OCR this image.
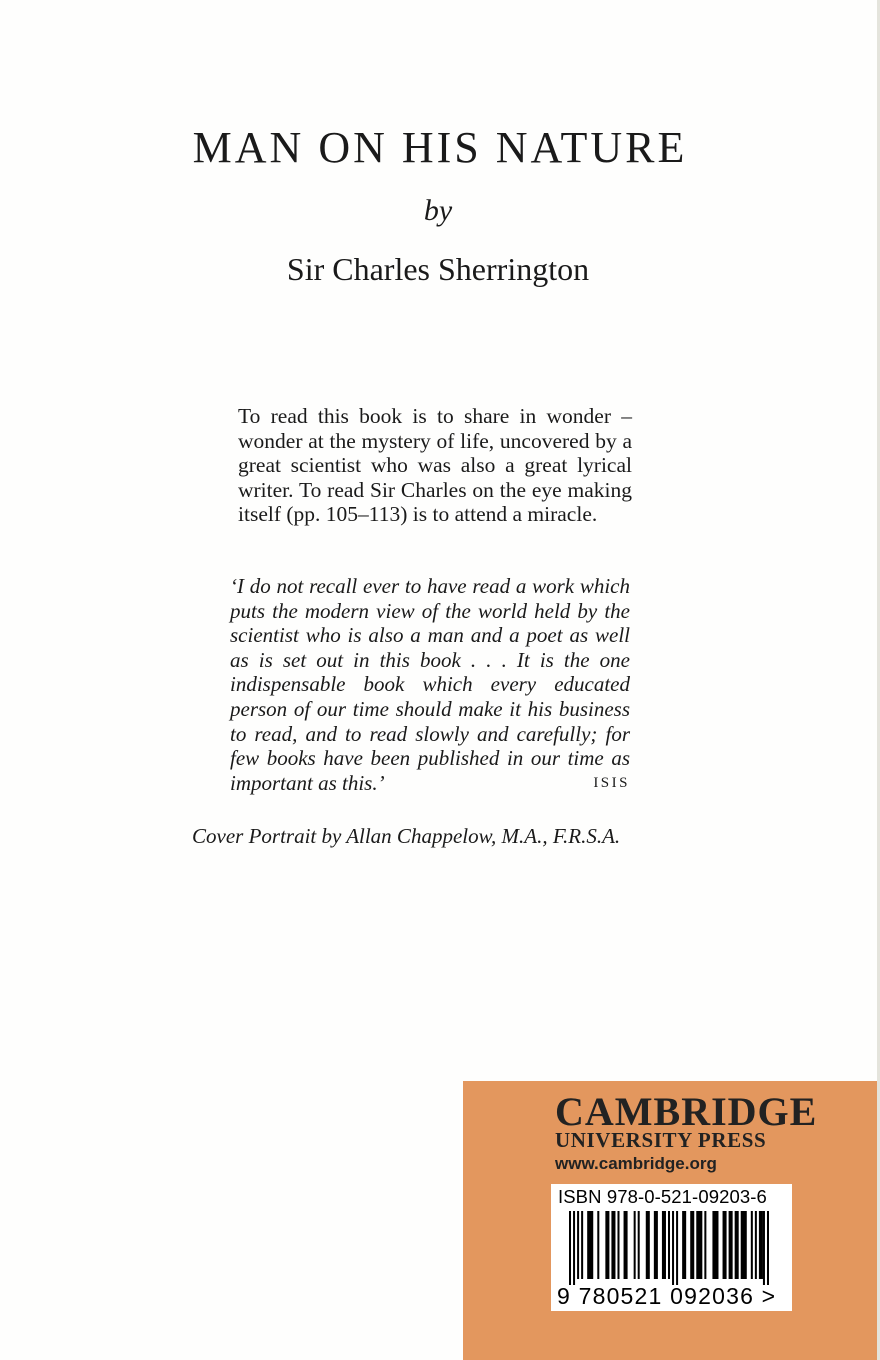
MAN ON HIS NATURE
by
Sir Charles Sherrington

To read this book is to share in wonder – wonder at the mystery of life, uncovered by a great scientist who was also a great lyrical writer. To read Sir Charles on the eye making itself (pp. 105–113) is to attend a miracle.

‘I do not recall ever to have read a work which puts the modern view of the world held by the scientist who is also a man and a poet as well as is set out in this book . . . It is the one indispensable book which every educated person of our time should make it his business to read, and to read slowly and carefully; for few books have been published in our time as important as this.’	ISIS

Cover Portrait by Allan Chappelow, M.A., F.R.S.A.
CAMBRIDGE
UNIVERSITY PRESS
www.cambridge.org
ISBN 978-0-521-09203-6
9 780521 092036 >
